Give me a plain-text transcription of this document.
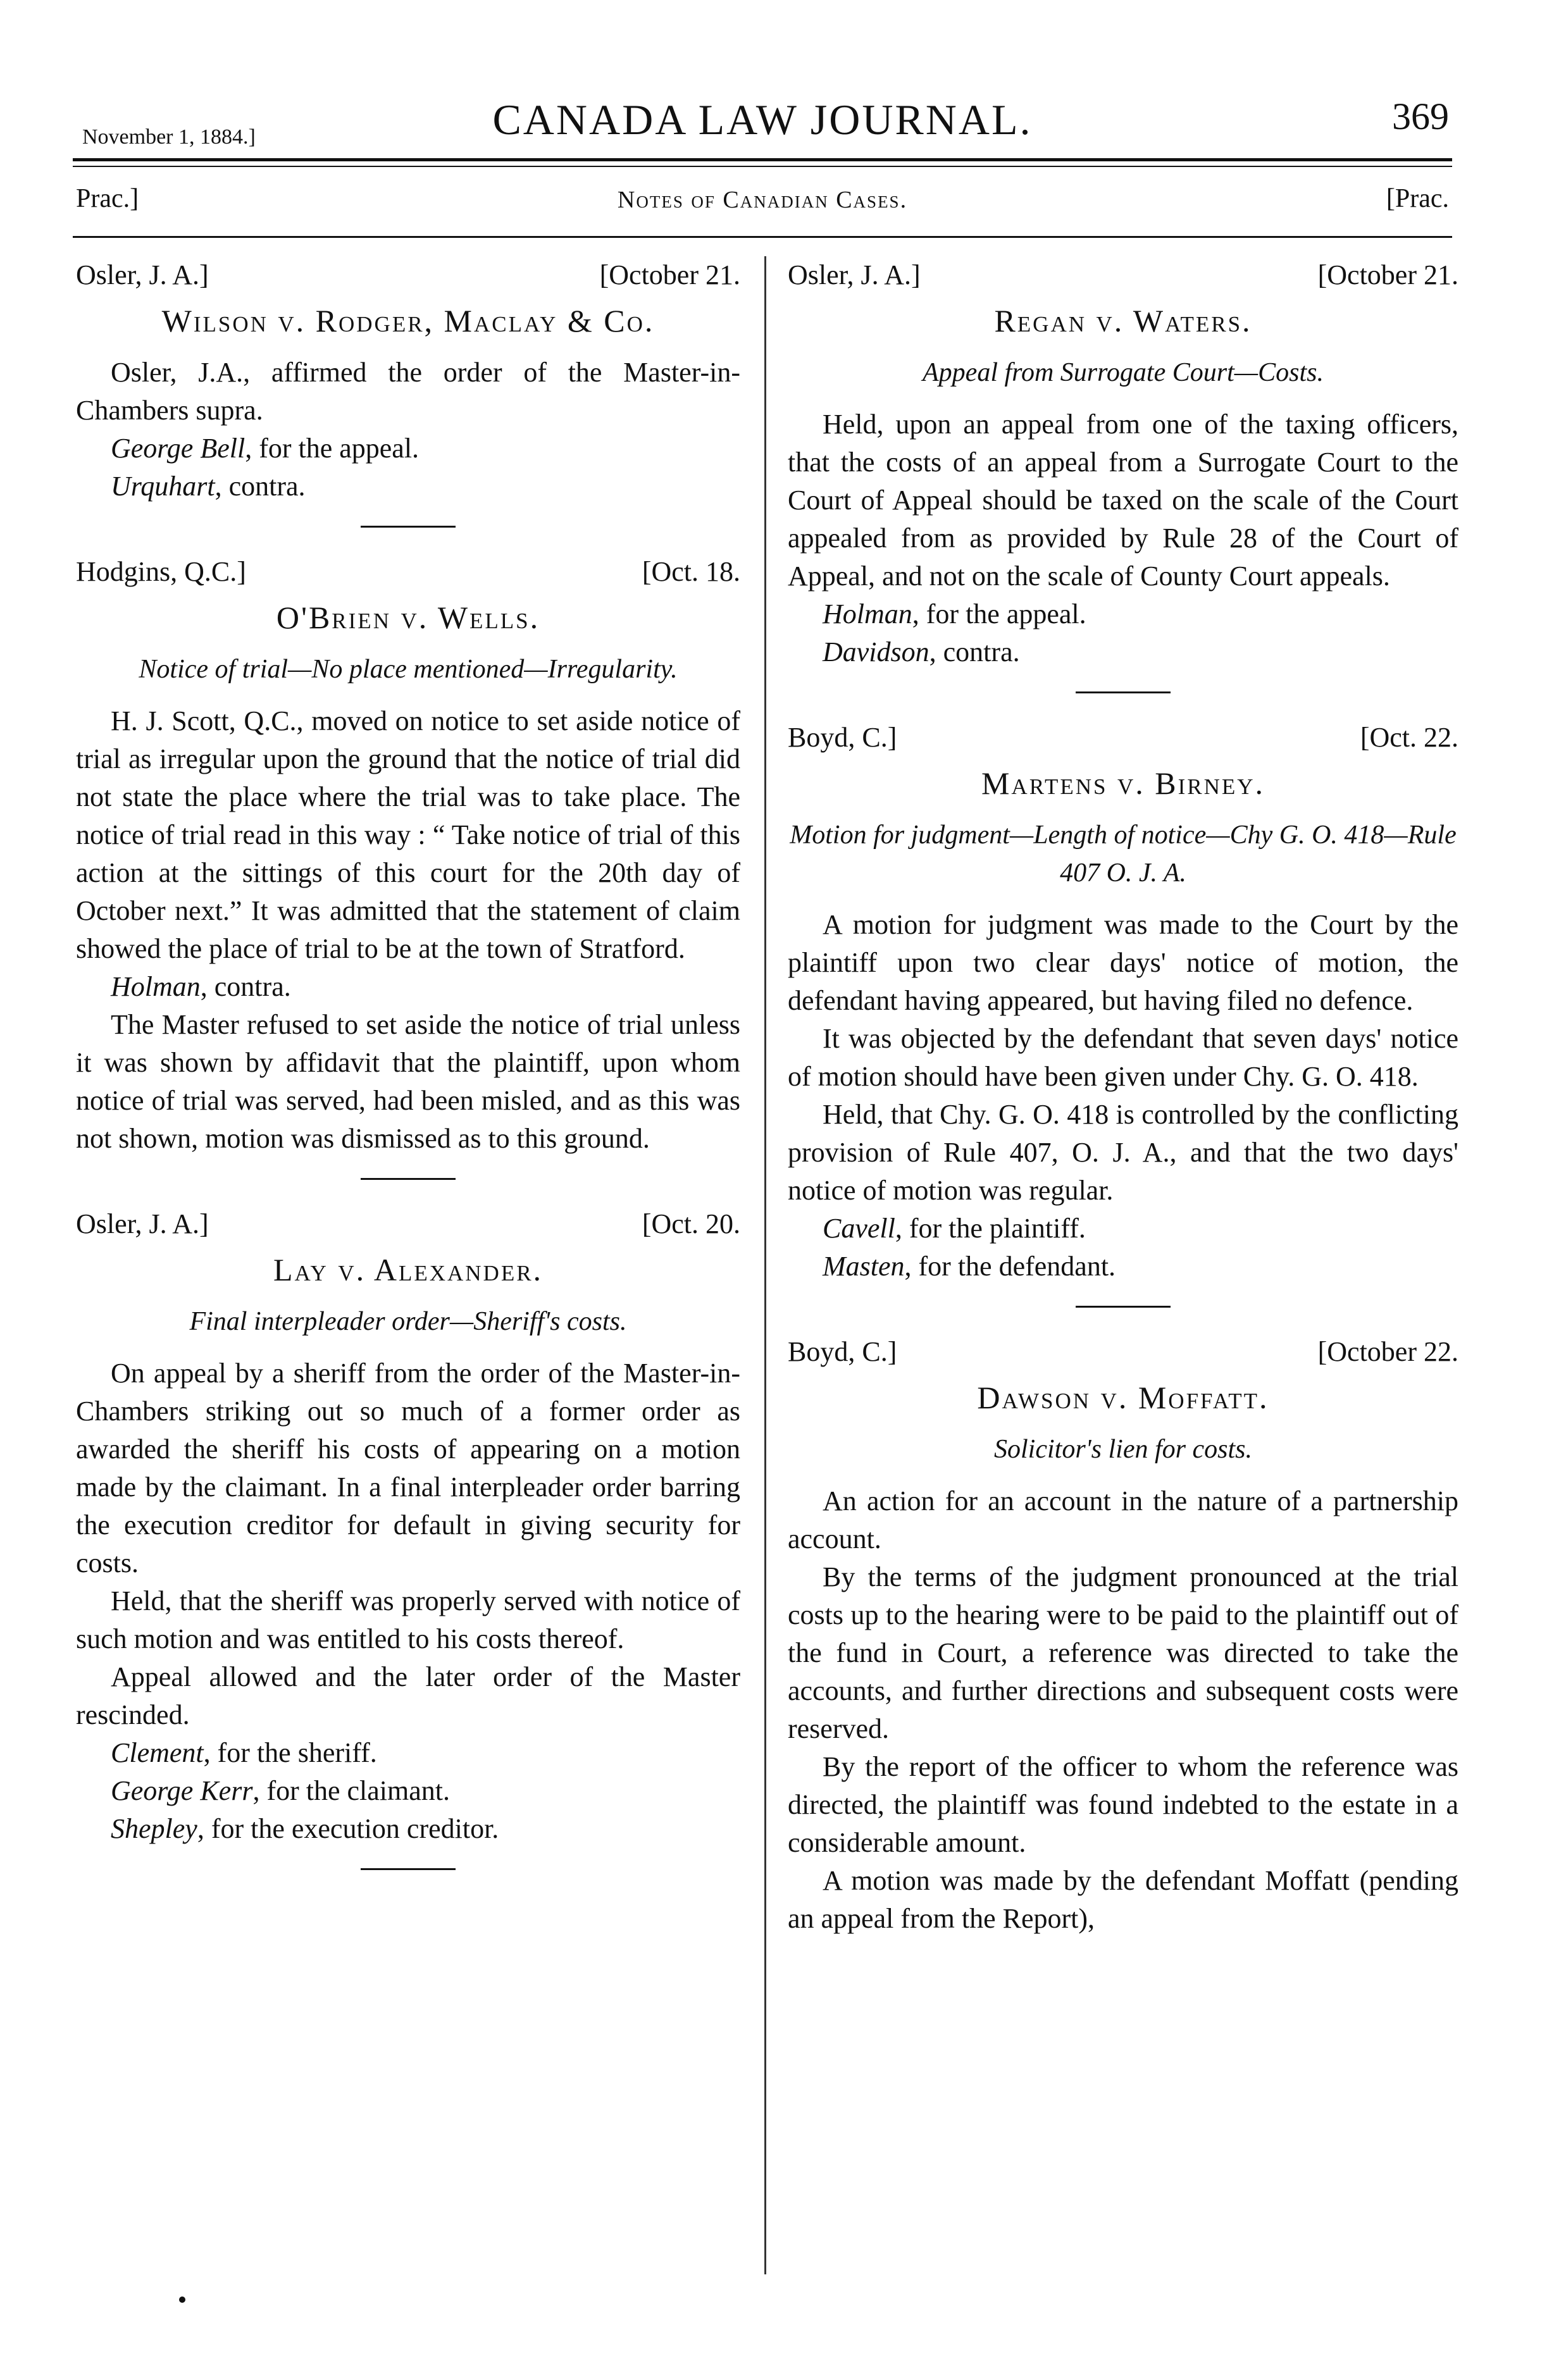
November 1, 1884.]	CANADA LAW JOURNAL.	369
Prac.]	Notes of Canadian Cases.	[Prac.
Osler, J. A.]	[October 21.
Wilson v. Rodger, Maclay & Co.

Osler, J.A., affirmed the order of the Master-in-Chambers supra.

George Bell, for the appeal.

Urquhart, contra.

Hodgins, Q.C.]	[Oct. 18.
O'Brien v. Wells.
Notice of trial—No place mentioned—Irregularity.

H. J. Scott, Q.C., moved on notice to set aside notice of trial as irregular upon the ground that the notice of trial did not state the place where the trial was to take place. The notice of trial read in this way : “ Take notice of trial of this action at the sittings of this court for the 20th day of October next.” It was admitted that the statement of claim showed the place of trial to be at the town of Stratford.

Holman, contra.

The Master refused to set aside the notice of trial unless it was shown by affidavit that the plaintiff, upon whom notice of trial was served, had been misled, and as this was not shown, motion was dismissed as to this ground.

Osler, J. A.]	[Oct. 20.
Lay v. Alexander.
Final interpleader order—Sheriff's costs.

On appeal by a sheriff from the order of the Master-in-Chambers striking out so much of a former order as awarded the sheriff his costs of appearing on a motion made by the claimant. In a final interpleader order barring the execution creditor for default in giving security for costs.

Held, that the sheriff was properly served with notice of such motion and was entitled to his costs thereof.

Appeal allowed and the later order of the Master rescinded.

Clement, for the sheriff.

George Kerr, for the claimant.

Shepley, for the execution creditor.

Osler, J. A.]	[October 21.
Regan v. Waters.
Appeal from Surrogate Court—Costs.

Held, upon an appeal from one of the taxing officers, that the costs of an appeal from a Surrogate Court to the Court of Appeal should be taxed on the scale of the Court appealed from as provided by Rule 28 of the Court of Appeal, and not on the scale of County Court appeals.

Holman, for the appeal.

Davidson, contra.

Boyd, C.]	[Oct. 22.
Martens v. Birney.
Motion for judgment—Length of notice—Chy G. O. 418—Rule 407 O. J. A.

A motion for judgment was made to the Court by the plaintiff upon two clear days' notice of motion, the defendant having appeared, but having filed no defence.

It was objected by the defendant that seven days' notice of motion should have been given under Chy. G. O. 418.

Held, that Chy. G. O. 418 is controlled by the conflicting provision of Rule 407, O. J. A., and that the two days' notice of motion was regular.

Cavell, for the plaintiff.

Masten, for the defendant.

Boyd, C.]	[October 22.
Dawson v. Moffatt.
Solicitor's lien for costs.

An action for an account in the nature of a partnership account.

By the terms of the judgment pronounced at the trial costs up to the hearing were to be paid to the plaintiff out of the fund in Court, a reference was directed to take the accounts, and further directions and subsequent costs were reserved.

By the report of the officer to whom the reference was directed, the plaintiff was found indebted to the estate in a considerable amount.

A motion was made by the defendant Moffatt (pending an appeal from the Report),
